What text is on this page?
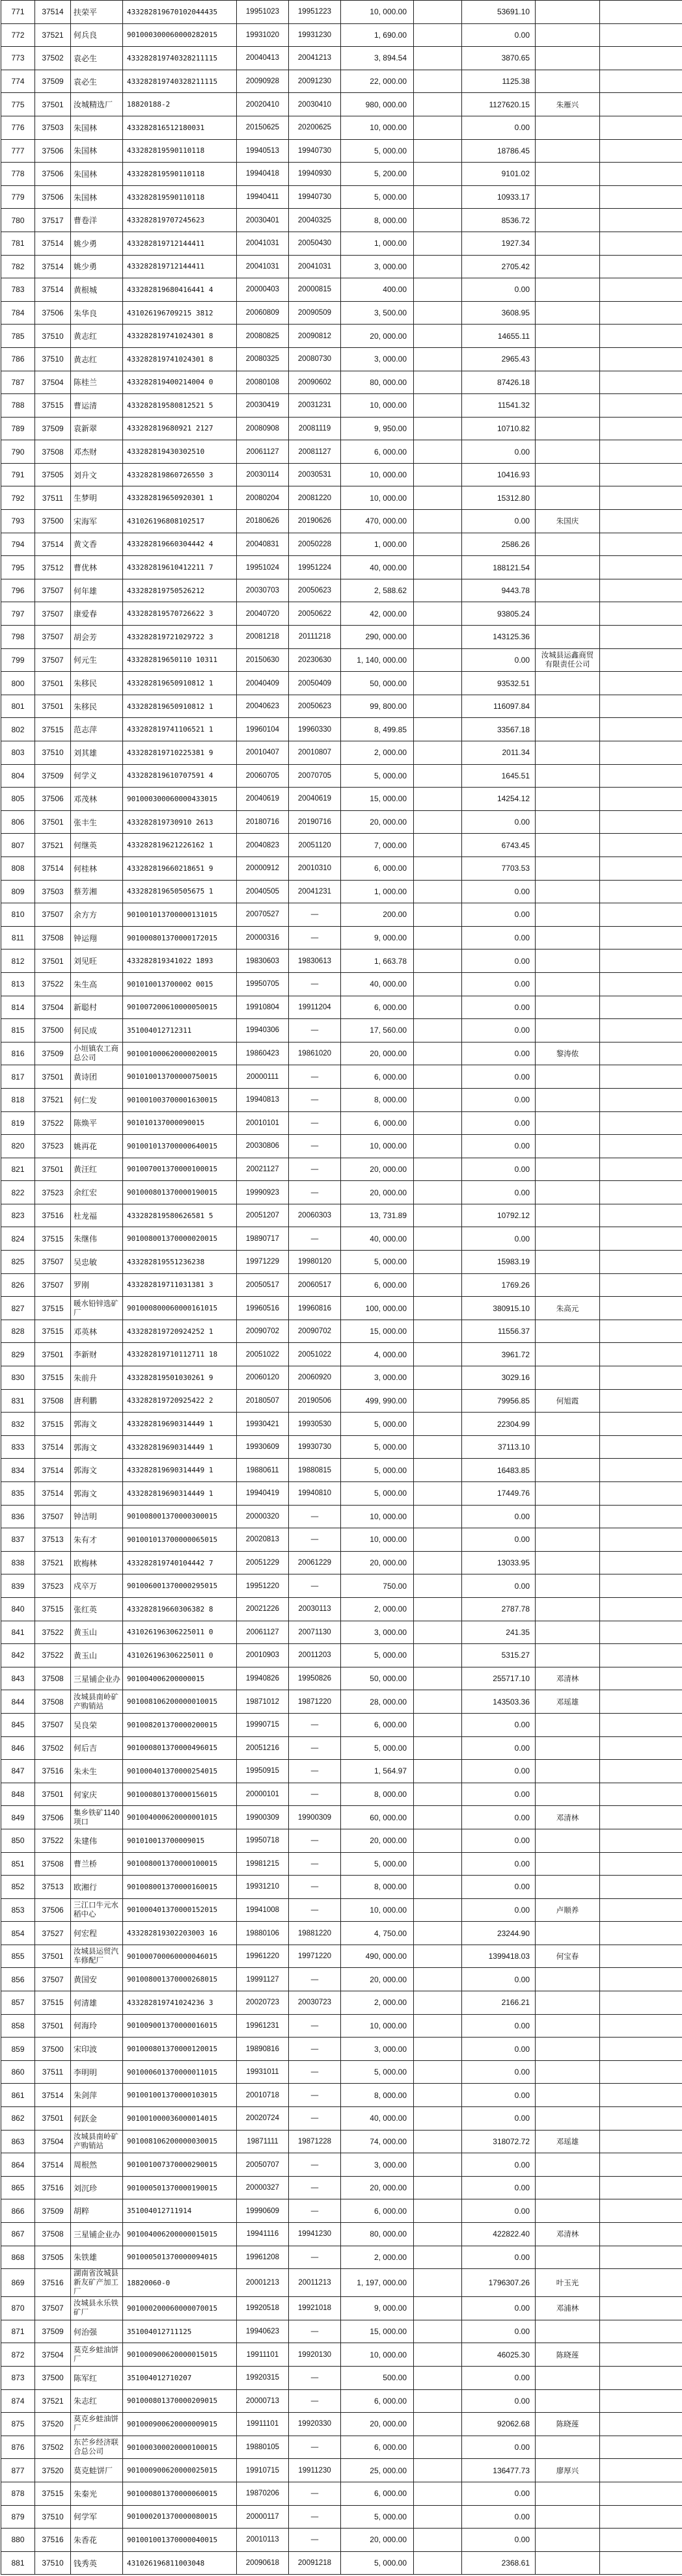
771	37514	扶荣平	433282819670102044435	19951023	19951223	10, 000.00		53691.10		
772	37521	何兵良	901000300060000282015	19931020	19931230	1, 690.00		0.00		
773	37502	袁必生	433282819740328211115	20040413	20041213	3, 894.54		3870.65		
774	37509	袁必生	433282819740328211115	20090928	20091230	22, 000.00		1125.38		
775	37501	汝城精选厂	18820188-2	20020410	20030410	980, 000.00		1127620.15	朱雁兴	
776	37503	朱国林	433282816512180031	20150625	20200625	10, 000.00		0.00		
777	37506	朱国林	433282819590110118	19940513	19940730	5, 000.00		18786.45		
778	37506	朱国林	433282819590110118	19940418	19940930	5, 200.00		9101.02		
779	37506	朱国林	433282819590110118	19940411	19940730	5, 000.00		10933.17		
780	37517	曹卷洋	433282819707245623	20030401	20040325	8, 000.00		8536.72		
781	37514	姚少勇	433282819712144411	20041031	20050430	1, 000.00		1927.34		
782	37514	姚少勇	433282819712144411	20041031	20041031	3, 000.00		2705.42		
783	37514	黄根城	433282819680416441 4	20000403	20000815	400.00		0.00		
784	37506	朱华良	431026196709215 3812	20060809	20090509	3, 500.00		3608.95		
785	37510	黄志红	433282819741024301 8	20080825	20090812	20, 000.00		14655.11		
786	37510	黄志红	433282819741024301 8	20080325	20080730	3, 000.00		2965.43		
787	37504	陈桂兰	433282819400214004 0	20080108	20090602	80, 000.00		87426.18		
788	37515	曹运清	433282819580812521 5	20030419	20031231	10, 000.00		11541.32		
789	37509	袁新翠	433282819680921 2127	20080908	20081119	9, 950.00		10710.82		
790	37508	邓杰财	433282819430302510	20061127	20081127	6, 000.00		0.00		
791	37505	刘升文	433282819860726550 3	20030114	20030531	10, 000.00		10416.93		
792	37511	生梦明	433282819650920301 1	20080204	20081220	10, 000.00		15312.80		
793	37500	宋海军	431026196808102517	20180626	20190626	470, 000.00		0.00	朱国庆	
794	37514	黄文香	433282819660304442 4	20040831	20050228	1, 000.00		2586.26		
795	37512	曹优林	433282819610412211 7	19951024	19951224	40, 000.00		188121.54		
796	37507	何年雄	433282819750526212	20030703	20050623	2, 588.62		9443.78		
797	37507	康爱春	433282819570726622 3	20040720	20050622	42, 000.00		93805.24		
798	37507	胡会芳	433282819721029722 3	20081218	20111218	290, 000.00		143125.36		
799	37507	何元生	433282819650110 10311	20150630	20230630	1, 140, 000.00		0.00	汝城县运鑫商贸有限责任公司	
800	37501	朱移民	433282819650910812 1	20040409	20050409	50, 000.00		93532.51		
801	37501	朱移民	433282819650910812 1	20040623	20050623	99, 800.00		116097.84		
802	37515	范志萍	433282819741106521 1	19960104	19960330	8, 499.85		33567.18		
803	37510	刘其雄	433282819710225381 9	20010407	20010807	2, 000.00		2011.34		
804	37509	何学义	433282819610707591 4	20060705	20070705	5, 000.00		1645.51		
805	37506	邓茂林	901000300060000433015	20040619	20040619	15, 000.00		14254.12		
806	37501	张丰生	433282819730910 2613	20180716	20190716	20, 000.00		0.00		
807	37521	何继英	433282819621226162 1	20040823	20051120	7, 000.00		6743.45		
808	37514	何桂林	433282819660218651 9	20000912	20010310	6, 000.00		7703.53		
809	37503	蔡芳湘	433282819650505675 1	20040505	20041231	1, 000.00		0.00		
810	37507	余方方	901001013700000131015	20070527	—	200.00		0.00		
811	37508	钟运翔	901000801370000172015	20000316	—	9, 000.00		0.00		
812	37501	刘见旺	433282819341022 1893	19830603	19830613	1, 663.78		0.00		
813	37522	朱生高	901010013700002 0015	19950705	—	40, 000.00		0.00		
814	37504	新聪村	901007200610000050015	19910804	19911204	6, 000.00		0.00		
815	37500	何民成	351004012712311	19940306	—	17, 560.00		0.00		
816	37509	小垣镇农工商总公司	901001000620000020015	19860423	19861020	20, 000.00		0.00	黎涛侬	
817	37501	黄诗团	901010013700000750015	20000111	—	6, 000.00		0.00		
818	37521	何仁发	901001003700001630015	19940813	—	8, 000.00		0.00		
819	37522	陈焕平	901010137000090015	20010101	—	6, 000.00		0.00		
820	37523	姚再花	901001013700000640015	20030806	—	10, 000.00		0.00		
821	37501	黄汪红	901007001370000100015	20021127	—	20, 000.00		0.00		
822	37523	余红宏	901000801370000190015	19990923	—	20, 000.00		0.00		
823	37516	杜龙福	433282819580626581 5	20051207	20060303	13, 731.89		10792.12		
824	37515	朱继伟	901008001370000020015	19890717	—	40, 000.00		0.00		
825	37507	吴忠敏	433282819551236238	19971229	19980120	5, 000.00		15983.19		
826	37507	罗刚	433282819711031381 3	20050517	20060517	6, 000.00		1769.26		
827	37515	暖水铅锌选矿厂	901000800060000161015	19960516	19960816	100, 000.00		380915.10	朱高元	
828	37515	邓英林	433282819720924252 1	20090702	20090702	15, 000.00		11556.37		
829	37501	李新财	433282819710112711 18	20051022	20051022	4, 000.00		3961.72		
830	37515	朱前升	433282819501030261 9	20060120	20060920	3, 000.00		3029.16		
831	37508	唐利鹏	433282819720925422 2	20180507	20190506	499, 990.00		79956.85	何旭霞	
832	37515	郭海文	433282819690314449 1	19930421	19930530	5, 000.00		22304.99		
833	37514	郭海文	433282819690314449 1	19930609	19930730	5, 000.00		37113.10		
834	37514	郭海文	433282819690314449 1	19880611	19880815	5, 000.00		16483.85		
835	37514	郭海文	433282819690314449 1	19940419	19940810	5, 000.00		17449.76		
836	37507	钟洁明	901008001370000300015	20000320	—	10, 000.00		0.00		
837	37513	朱有才	901001013700000065015	20020813	—	10, 000.00		0.00		
838	37521	欧梅林	433282819740104442 7	20051229	20061229	20, 000.00		13033.95		
839	37523	戍卒万	901006001370000295015	19951220	—	750.00		0.00		
840	37515	张红英	433282819660306382 8	20021226	20030113	2, 000.00		2787.78		
841	37522	黄玉山	431026196306225011 0	20061127	20071130	3, 000.00		241.35		
842	37522	黄玉山	431026196306225011 0	20010903	20011203	5, 000.00		5315.27		
843	37508	三星铺企业办	901004006200000015	19940826	19950826	50, 000.00		255717.10	邓清林	
844	37508	汝城县南岭矿产购销站	901008106200000010015	19871012	19871220	28, 000.00		143503.36	邓瑶雄	
845	37507	吴良荣	901008201370000200015	19990715	—	6, 000.00		0.00		
846	37502	何后吉	901000801370000496015	20051216	—	5, 000.00		0.00		
847	37516	朱未生	901000401370000254015	19950915	—	1, 564.97		0.00		
848	37501	何家庆	901000801370000156015	20000101	—	8, 000.00		0.00		
849	37506	集乡铁矿1140项口	901004000620000001015	19900309	19900309	60, 000.00		0.00	邓清林	
850	37522	朱建伟	901010013700009015	19950718	—	20, 000.00		0.00		
851	37508	曹兰桥	901008001370000100015	19981215	—	5, 000.00		0.00		
852	37513	欧湘行	901008001370000160015	19931210	—	8, 000.00		0.00		
853	37506	三江口牛元水稻中心	901000401370000152015	19941008	—	10, 000.00		0.00	卢顺养	
854	37527	何宏程	433282819302203003 16	19880106	19881220	4, 750.00		23244.90		
855	37501	汝城县运贸汽车修配厂	901000700060000046015	19961220	19971220	490, 000.00		1399418.03	何宝春	
856	37507	黄国安	901008001370000268015	19991127	—	20, 000.00		0.00		
857	37515	何清雄	433282819741024236 3	20020723	20030723	2, 000.00		2166.21		
858	37501	何海玲	901009001370000016015	19961231	—	10, 000.00		0.00		
859	37500	宋印波	901000801370000120015	19890816	—	3, 000.00		0.00		
860	37511	李明明	901000601370000011015	19931011	—	5, 000.00		0.00		
861	37514	朱剑萍	901001001370000103015	20010718	—	8, 000.00		0.00		
862	37501	何跃金	901001000036000014015	20020724	—	40, 000.00		0.00		
863	37504	汝城县南岭矿产购销站	901008106200000030015	19871111	19871228	74, 000.00		318072.72	邓瑶雄	
864	37514	周根然	901001007370000290015	20050707	—	3, 000.00		0.00		
865	37516	刘沉珍	901000501370000190015	20000327	—	20, 000.00		0.00		
866	37509	胡粹	351004012711914	19990609	—	6, 000.00		0.00		
867	37508	三星铺企业办	901004006200000015015	19941116	19941230	80, 000.00		422822.40	邓清林	
868	37505	朱铁雄	901000501370000094015	19961208	—	2, 000.00		0.00		
869	37516	湖南省汝城县新友矿产加工厂	18820060-0	20001213	20011213	1, 197, 000.00		1796307.26	叶玉光	
870	37507	汝城县永乐铁矿厂	901000200060000070015	19920518	19921018	9, 000.00		0.00	邓浦林	
871	37509	何治强	351004012711125	19940623	—	15, 000.00		0.00		
872	37504	莫克乡蛙油饼厂	901000900620000015015	19911101	19920130	10, 000.00		46025.30	陈晓莲	
873	37500	陈军红	351004012710207	19920315	—	500.00		0.00		
874	37521	朱志红	901000801370000209015	20000713	—	6, 000.00		0.00		
875	37520	莫克乡蛙油饼厂	901000900620000009015	19911101	19920330	20, 000.00		92062.68	陈晓莲	
876	37502	东芒乡经济联合总公司	901000300020000100015	19880105	—	6, 000.00		0.00		
877	37520	莫克蛙饼厂	901000900620000025015	19910715	19911230	25, 000.00		136477.73	廖厚兴	
878	37515	朱秦光	901000801370000060015	19870206	—	6, 000.00		0.00		
879	37510	何学军	901000201370000080015	20000117	—	5, 000.00		0.00		
880	37516	朱香花	901001001370000040015	20010113	—	20, 000.00		0.00		
881	37510	钱秀英	431026196811003048	20090618	20091218	5, 000.00		2368.61		
